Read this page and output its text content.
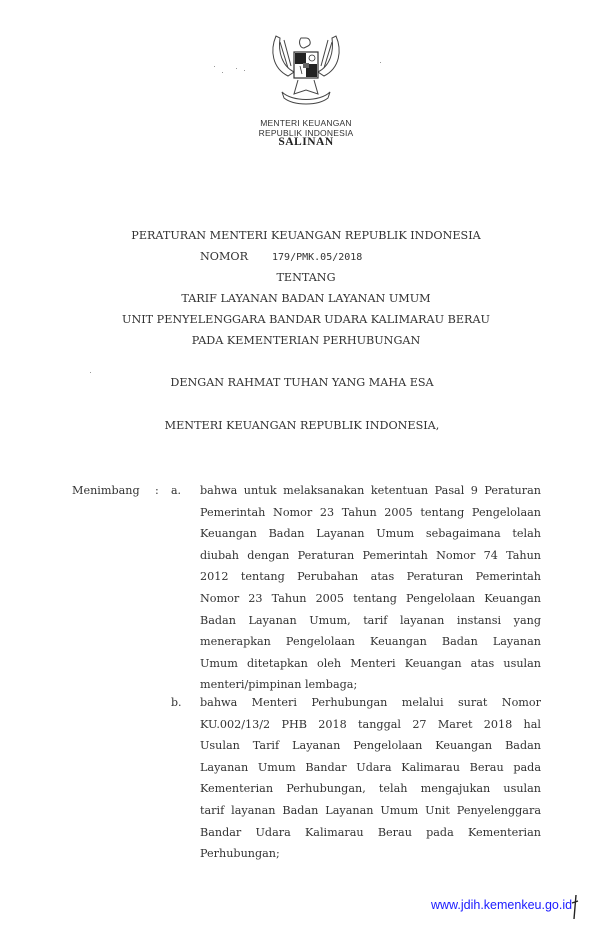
MENTERI KEUANGAN
REPUBLIK INDONESIA
SALINAN
PERATURAN MENTERI KEUANGAN REPUBLIK INDONESIA
NOMOR 179/PMK.05/2018
TENTANG
TARIF LAYANAN BADAN LAYANAN UMUM
UNIT PENYELENGGARA BANDAR UDARA KALIMARAU BERAU
PADA KEMENTERIAN PERHUBUNGAN
DENGAN RAHMAT TUHAN YANG MAHA ESA
MENTERI KEUANGAN REPUBLIK INDONESIA,
Menimbang : a. bahwa untuk melaksanakan ketentuan Pasal 9 Peraturan
Pemerintah Nomor 23 Tahun 2005 tentang Pengelolaan
Keuangan Badan Layanan Umum sebagaimana telah
diubah dengan Peraturan Pemerintah Nomor 74 Tahun
2012 tentang Perubahan atas Peraturan Pemerintah
Nomor 23 Tahun 2005 tentang Pengelolaan Keuangan
Badan Layanan Umum, tarif layanan instansi yang
menerapkan Pengelolaan Keuangan Badan Layanan
Umum ditetapkan oleh Menteri Keuangan atas usulan
menteri/pimpinan lembaga;
b. bahwa Menteri Perhubungan melalui surat Nomor
KU.002/13/2 PHB 2018 tanggal 27 Maret 2018 hal
Usulan Tarif Layanan Pengelolaan Keuangan Badan
Layanan Umum Bandar Udara Kalimarau Berau pada
Kementerian Perhubungan, telah mengajukan usulan
tarif layanan Badan Layanan Umum Unit Penyelenggara
Bandar Udara Kalimarau Berau pada Kementerian
Perhubungan;
www.jdih.kemenkeu.go.id
